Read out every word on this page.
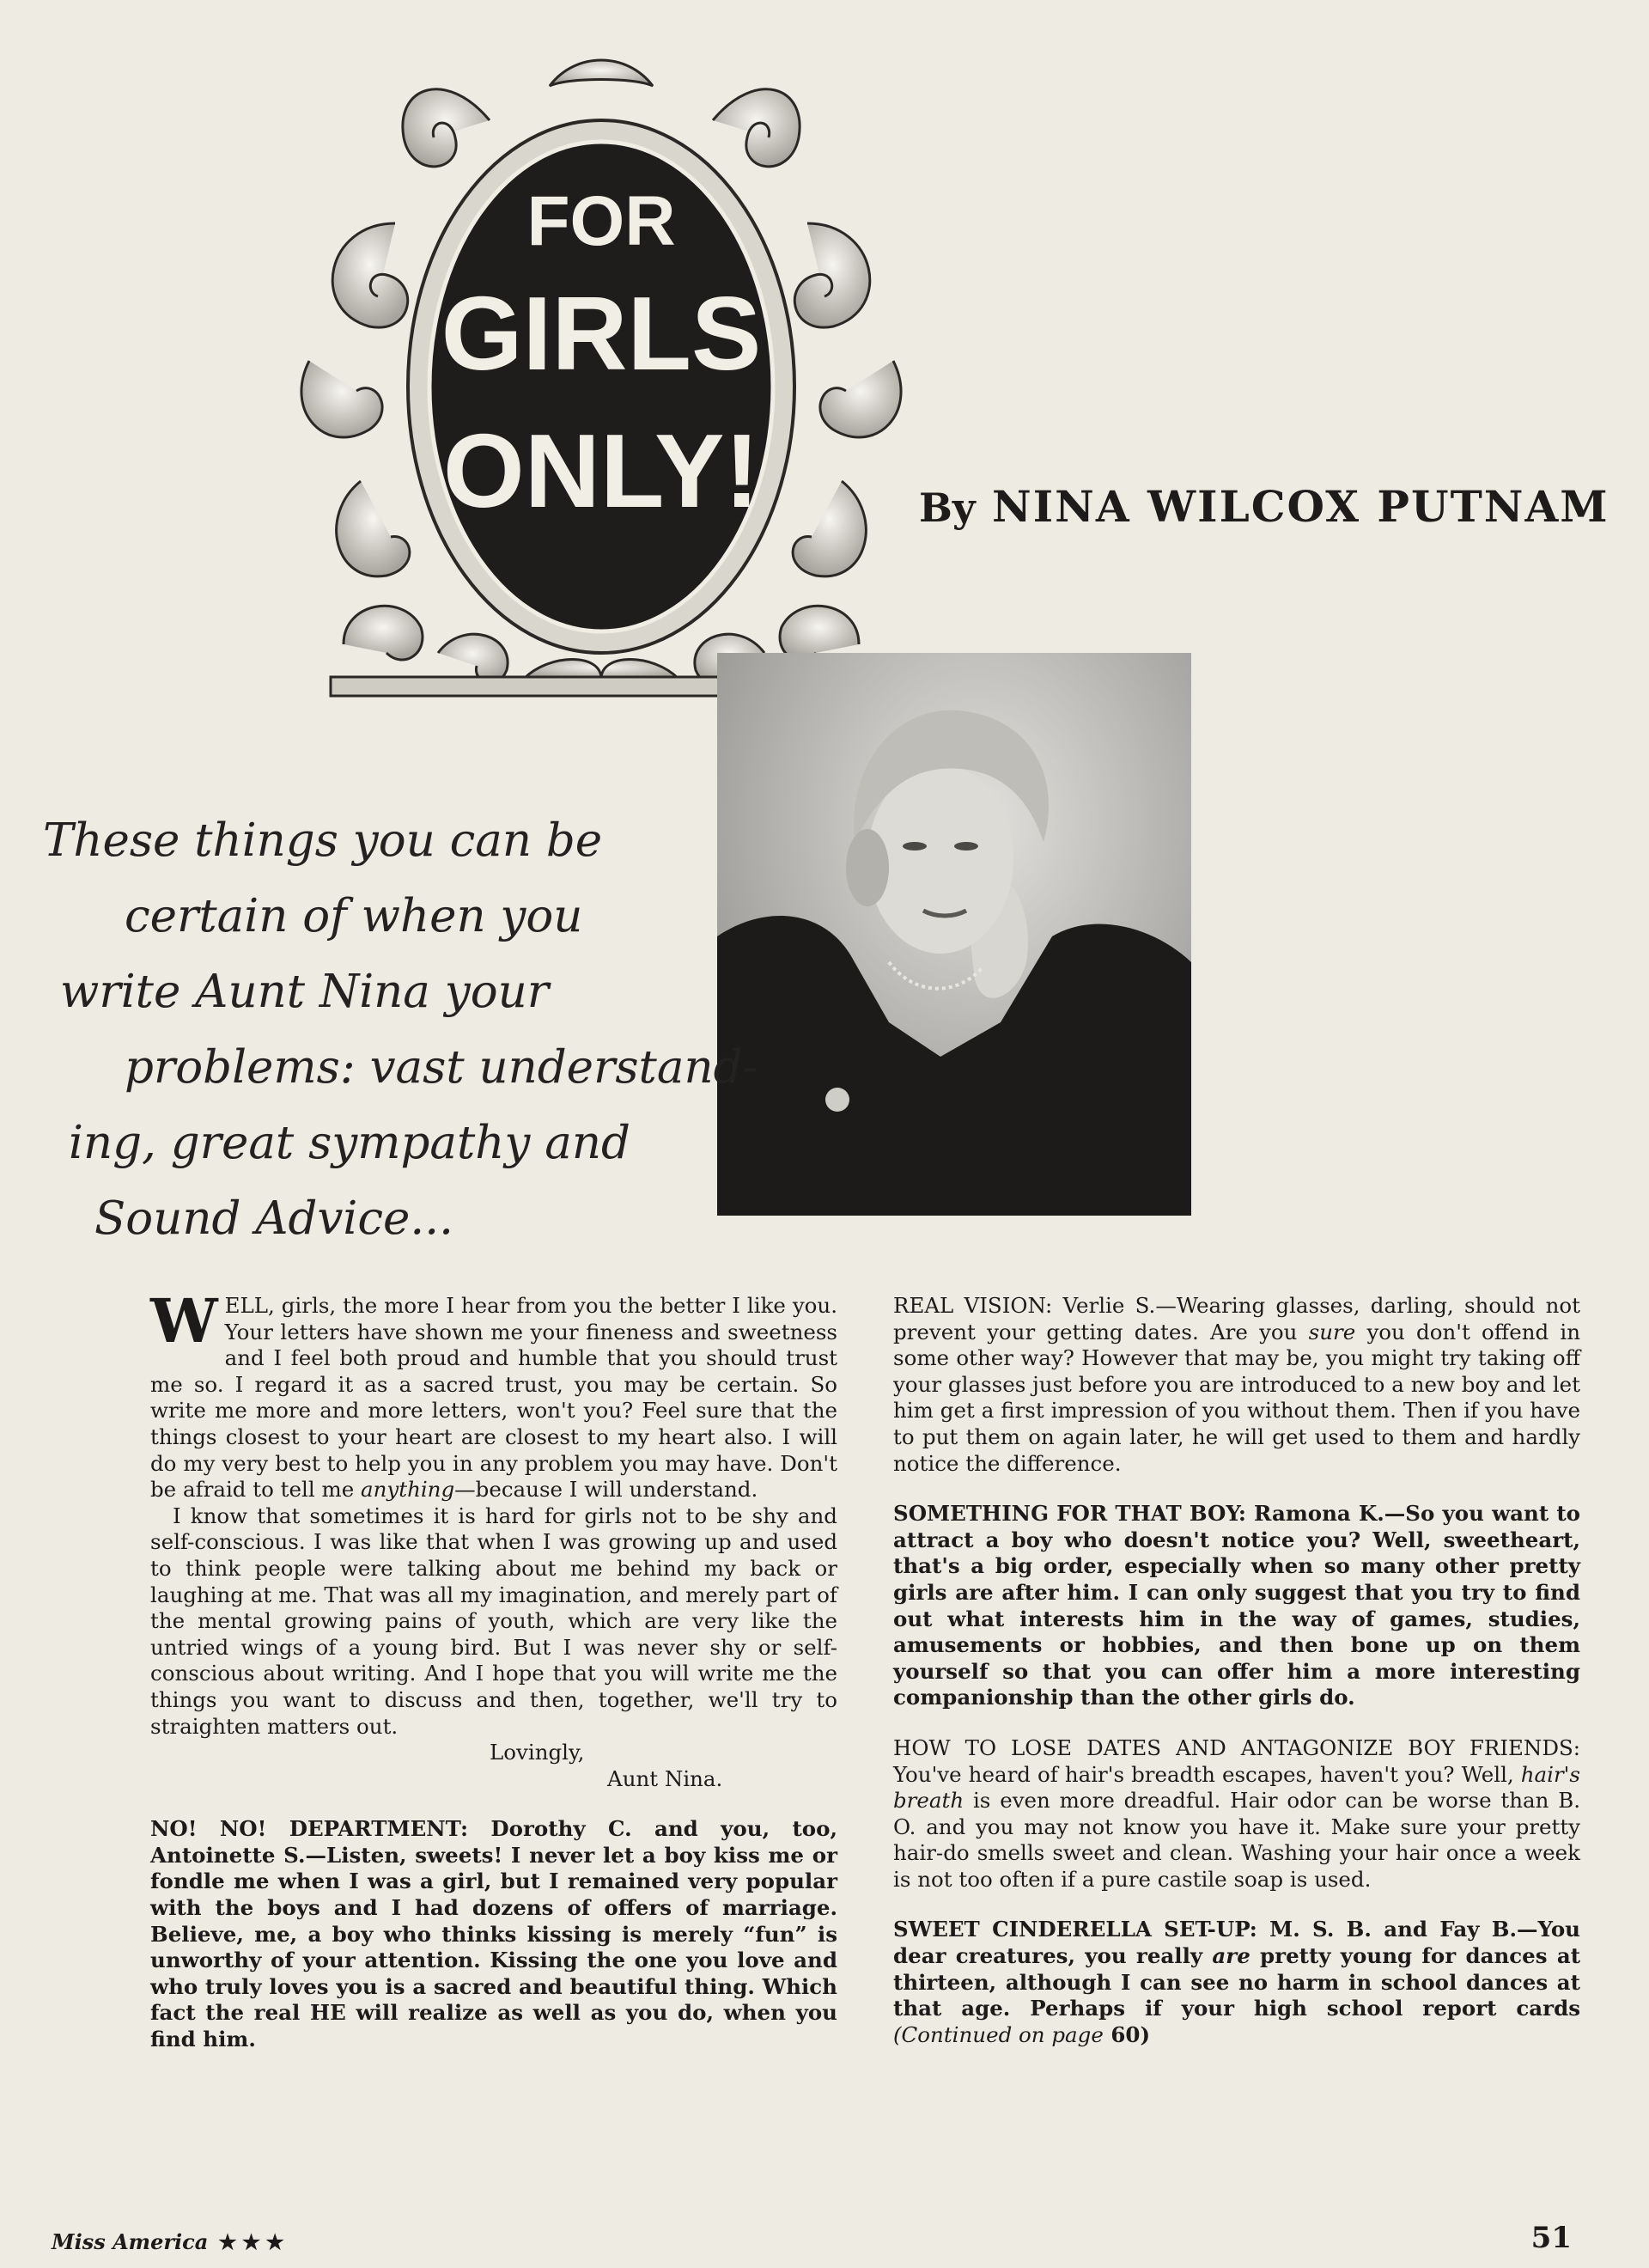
FOR
GIRLS
ONLY!	By NINA WILCOX PUTNAM
These things you can be
certain of when you
write Aunt Nina your
problems: vast understand-
ing, great sympathy and
Sound Advice...

WELL, girls, the more I hear from you the better I like you. Your letters have shown me your fineness and sweetness and I feel both proud and humble that you should trust me so. I regard it as a sacred trust, you may be certain. So write me more and more letters, won't you? Feel sure that the things closest to your heart are closest to my heart also. I will do my very best to help you in any problem you may have. Don't be afraid to tell me anything—because I will understand.

I know that sometimes it is hard for girls not to be shy and self-conscious. I was like that when I was growing up and used to think people were talking about me behind my back or laughing at me. That was all my imagination, and merely part of the mental growing pains of youth, which are very like the untried wings of a young bird. But I was never shy or self-conscious about writing. And I hope that you will write me the things you want to discuss and then, together, we'll try to straighten matters out.

Lovingly,
Aunt Nina.

NO! NO! DEPARTMENT: Dorothy C. and you, too, Antoinette S.—Listen, sweets! I never let a boy kiss me or fondle me when I was a girl, but I remained very popular with the boys and I had dozens of offers of marriage. Believe, me, a boy who thinks kissing is merely “fun” is unworthy of your attention. Kissing the one you love and who truly loves you is a sacred and beautiful thing. Which fact the real HE will realize as well as you do, when you find him.

REAL VISION: Verlie S.—Wearing glasses, darling, should not prevent your getting dates. Are you sure you don't offend in some other way? However that may be, you might try taking off your glasses just before you are introduced to a new boy and let him get a first impression of you without them. Then if you have to put them on again later, he will get used to them and hardly notice the difference.

SOMETHING FOR THAT BOY: Ramona K.—So you want to attract a boy who doesn't notice you? Well, sweetheart, that's a big order, especially when so many other pretty girls are after him. I can only suggest that you try to find out what interests him in the way of games, studies, amusements or hobbies, and then bone up on them yourself so that you can offer him a more interesting companionship than the other girls do.

HOW TO LOSE DATES AND ANTAGONIZE BOY FRIENDS: You've heard of hair's breadth escapes, haven't you? Well, hair's breath is even more dreadful. Hair odor can be worse than B. O. and you may not know you have it. Make sure your pretty hair-do smells sweet and clean. Washing your hair once a week is not too often if a pure castile soap is used.

SWEET CINDERELLA SET-UP: M. S. B. and Fay B.—You dear creatures, you really are pretty young for dances at thirteen, although I can see no harm in school dances at that age. Perhaps if your high school report cards (Continued on page 60)

Miss America ★★★	51
